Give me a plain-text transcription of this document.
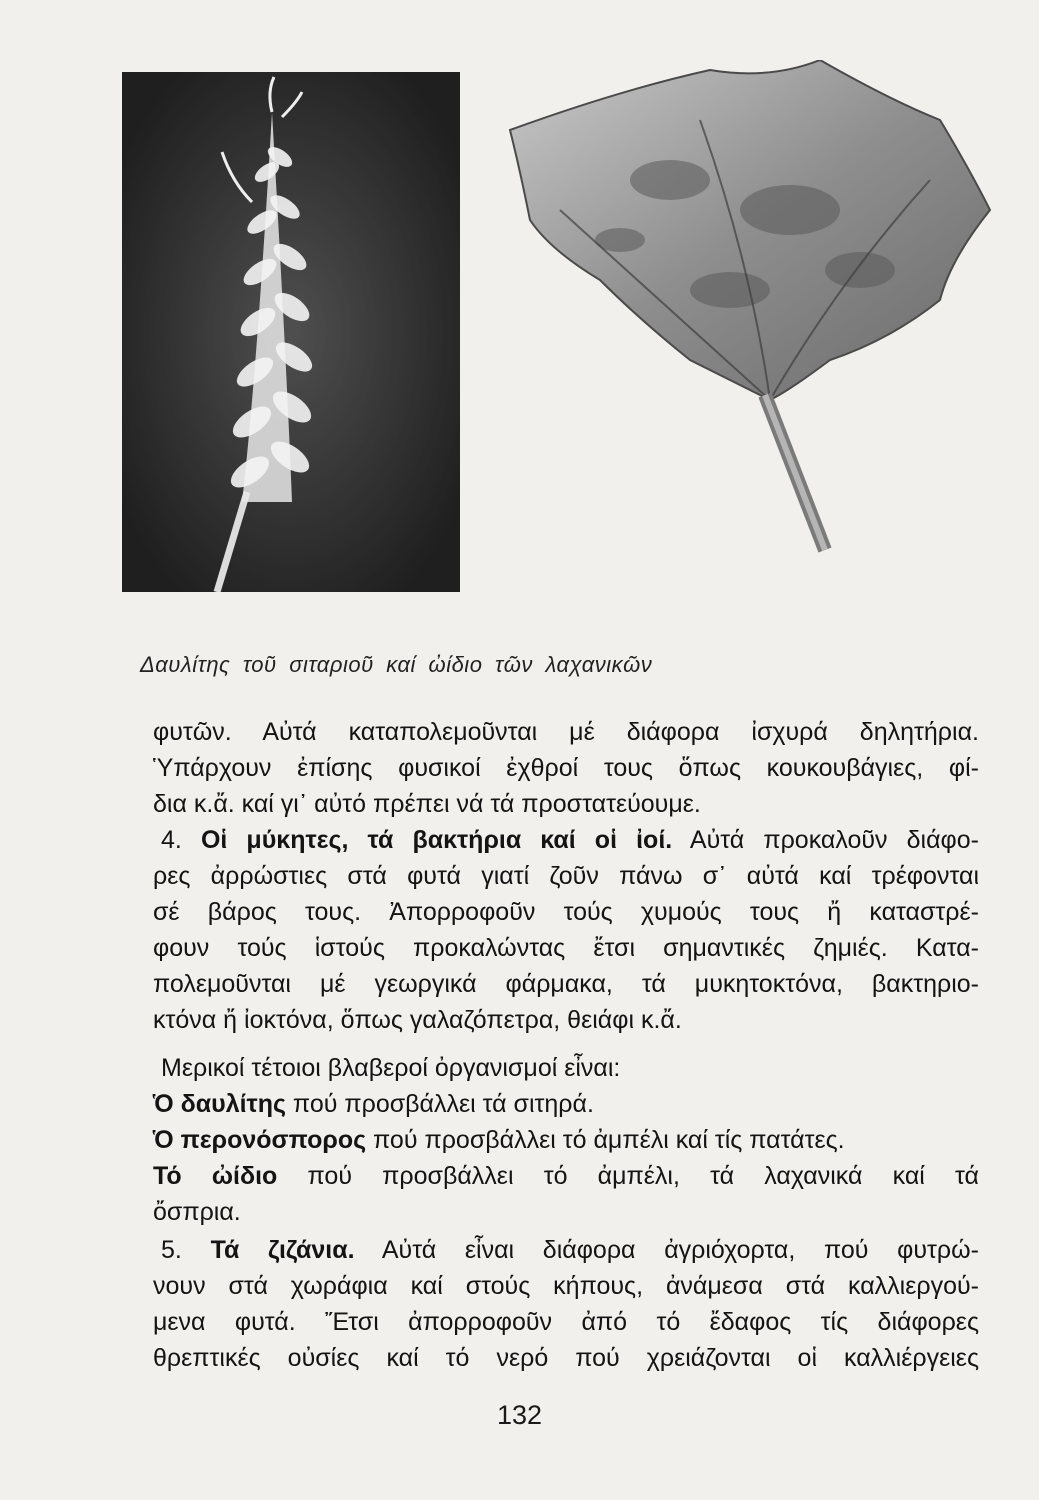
Δαυλίτης τοῦ σιταριοῦ καί ὠίδιο τῶν λαχανικῶν
φυτῶν. Αὐτά καταπολεμοῦνται μέ διάφορα ἰσχυρά δηλητήρια.
Ὑπάρχουν ἐπίσης φυσικοί ἐχθροί τους ὅπως κουκουβάγιες, φί-
δια κ.ἄ. καί γι᾽ αὐτό πρέπει νά τά προστατεύουμε.
4. Οἱ μύκητες, τά βακτήρια καί οἱ ἰοί. Αὐτά προκαλοῦν διάφο-
ρες ἀρρώστιες στά φυτά γιατί ζοῦν πάνω σ᾽ αὐτά καί τρέφονται
σέ βάρος τους. Ἀπορροφοῦν τούς χυμούς τους ἤ καταστρέ-
φουν τούς ἱστούς προκαλώντας ἔτσι σημαντικές ζημιές. Κατα-
πολεμοῦνται μέ γεωργικά φάρμακα, τά μυκητοκτόνα, βακτηριο-
κτόνα ἤ ἰοκτόνα, ὅπως γαλαζόπετρα, θειάφι κ.ἄ.
Μερικοί τέτοιοι βλαβεροί ὀργανισμοί εἶναι:
Ὁ δαυλίτης πού προσβάλλει τά σιτηρά.
Ὁ περονόσπορος πού προσβάλλει τό ἀμπέλι καί τίς πατάτες.
Τό ὠίδιο πού προσβάλλει τό ἀμπέλι, τά λαχανικά καί τά
ὄσπρια.
5. Τά ζιζάνια. Αὐτά εἶναι διάφορα ἀγριόχορτα, πού φυτρώ-
νουν στά χωράφια καί στούς κήπους, ἀνάμεσα στά καλλιεργού-
μενα φυτά. Ἔτσι ἀπορροφοῦν ἀπό τό ἔδαφος τίς διάφορες
θρεπτικές οὐσίες καί τό νερό πού χρειάζονται οἱ καλλιέργειες
132
